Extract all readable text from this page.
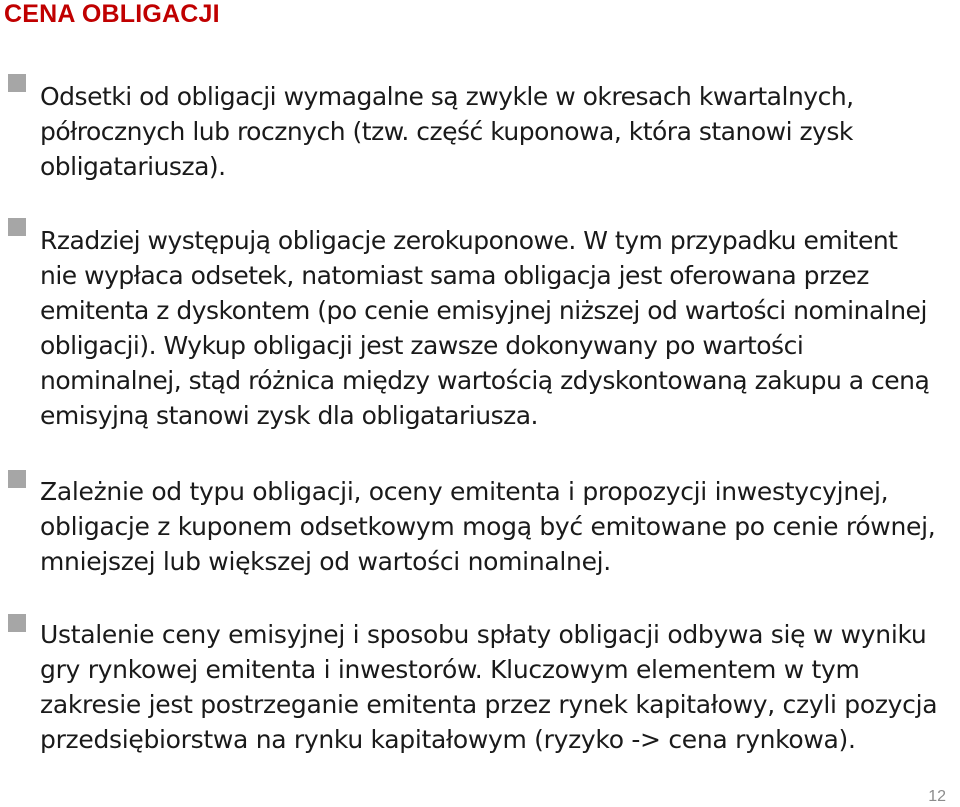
CENA OBLIGACJI

Odsetki od obligacji wymagalne są zwykle w okresach kwartalnych,
półrocznych lub rocznych (tzw. część kuponowa, która stanowi zysk
obligatariusza).

Rzadziej występują obligacje zerokuponowe. W tym przypadku emitent
nie wypłaca odsetek, natomiast sama obligacja jest oferowana przez
emitenta z dyskontem (po cenie emisyjnej niższej od wartości nominalnej
obligacji). Wykup obligacji jest zawsze dokonywany po wartości
nominalnej, stąd różnica między wartością zdyskontowaną zakupu a ceną
emisyjną stanowi zysk dla obligatariusza.

Zależnie od typu obligacji, oceny emitenta i propozycji inwestycyjnej,
obligacje z kuponem odsetkowym mogą być emitowane po cenie równej,
mniejszej lub większej od wartości nominalnej.

Ustalenie ceny emisyjnej i sposobu spłaty obligacji odbywa się w wyniku
gry rynkowej emitenta i inwestorów. Kluczowym elementem w tym
zakresie jest postrzeganie emitenta przez rynek kapitałowy, czyli pozycja
przedsiębiorstwa na rynku kapitałowym (ryzyko -> cena rynkowa).

12
